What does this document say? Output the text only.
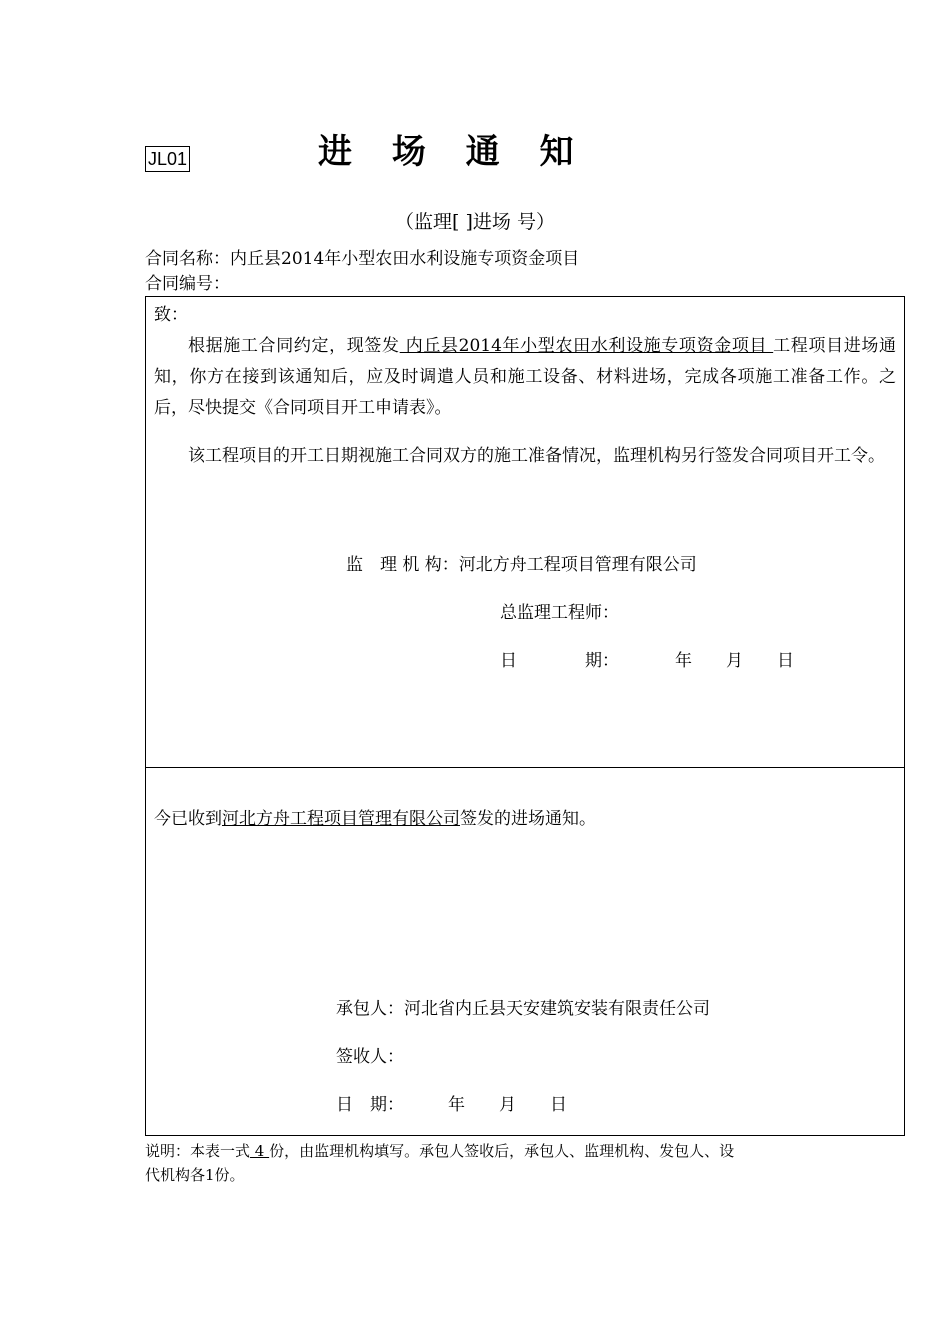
JL01	进 场 通 知
（监理[ ]进场 号）
合同名称：内丘县2014年小型农田水利设施专项资金项目
合同编号：
致：
根据施工合同约定，现签发 内丘县2014年小型农田水利设施专项资金项目 工程项目进场通知，你方在接到该通知后，应及时调遣人员和施工设备、材料进场，完成各项施工准备工作。之后，尽快提交《合同项目开工申请表》。
该工程项目的开工日期视施工合同双方的施工准备情况，监理机构另行签发合同项目开工令。
监　理 机 构：河北方舟工程项目管理有限公司
总监理工程师：
日　　　　期：	年　　月　　日
今已收到河北方舟工程项目管理有限公司签发的进场通知。
承包人：河北省内丘县天安建筑安装有限责任公司
签收人：
日　期：	年　　月　　日
说明：本表一式 4 份，由监理机构填写。承包人签收后，承包人、监理机构、发包人、设
代机构各1份。
